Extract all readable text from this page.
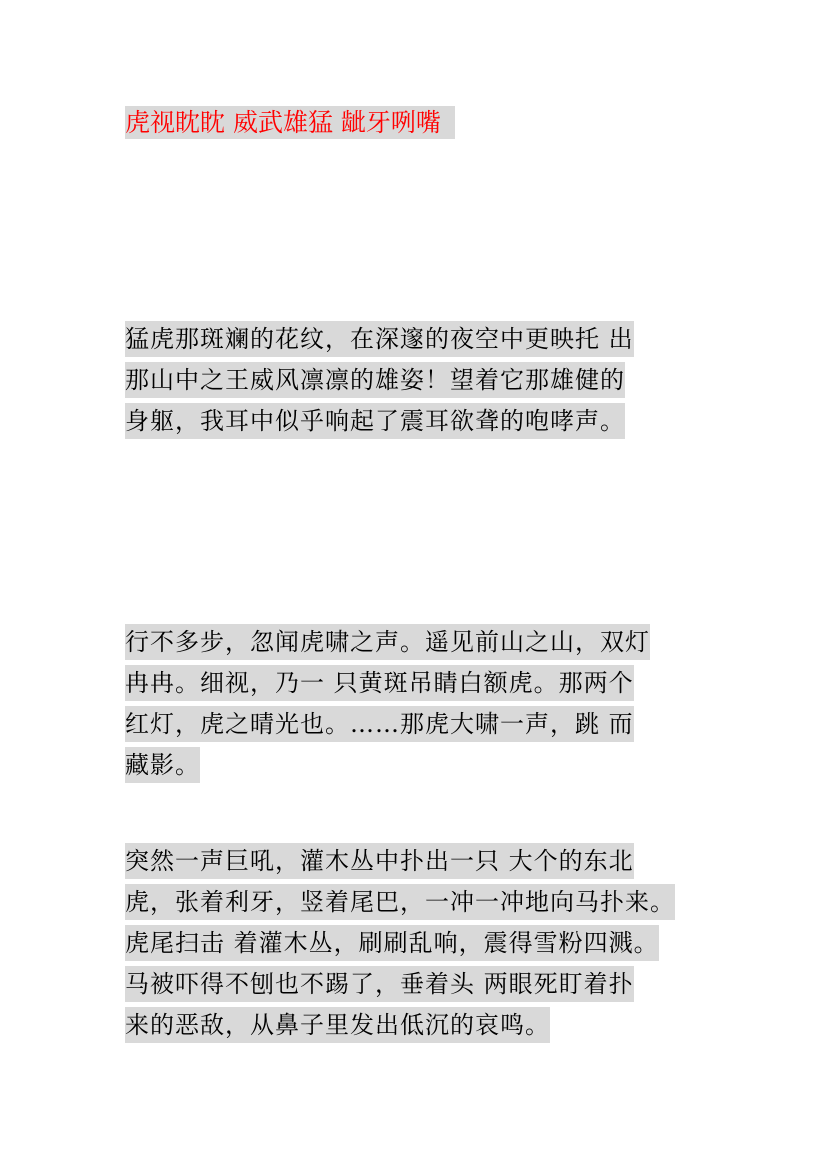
虎视眈眈 威武雄猛 龇牙咧嘴
猛虎那斑斓的花纹，在深邃的夜空中更映托 出
那山中之王威风凛凛的雄姿！望着它那雄健的
身躯，我耳中似乎响起了震耳欲聋的咆哮声。
行不多步，忽闻虎啸之声。遥见前山之山，双灯
冉冉。细视，乃一 只黄斑吊睛白额虎。那两个
红灯，虎之晴光也。……那虎大啸一声，跳 而
藏影。
突然一声巨吼，灌木丛中扑出一只 大个的东北
虎，张着利牙，竖着尾巴，一冲一冲地向马扑来。
虎尾扫击 着灌木丛，刷刷乱响，震得雪粉四溅。
马被吓得不刨也不踢了，垂着头 两眼死盯着扑
来的恶敌，从鼻子里发出低沉的哀鸣。
